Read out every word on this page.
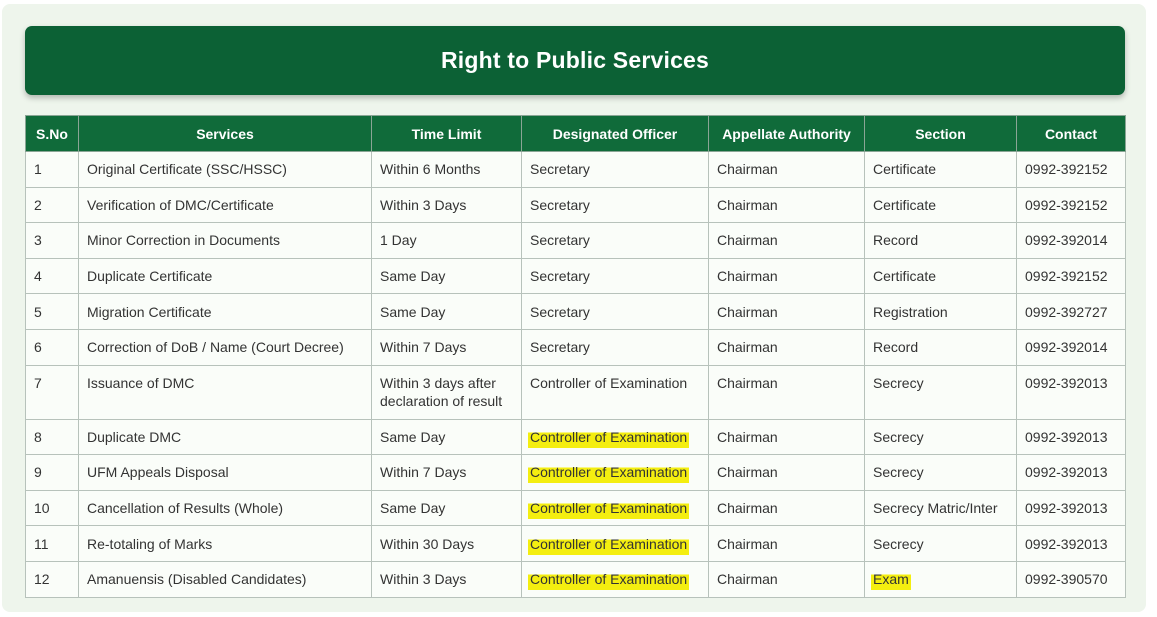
Right to Public Services
S.No	Services	Time Limit	Designated Officer	Appellate Authority	Section	Contact
1	Original Certificate (SSC/HSSC)	Within 6 Months	Secretary	Chairman	Certificate	0992-392152
2	Verification of DMC/Certificate	Within 3 Days	Secretary	Chairman	Certificate	0992-392152
3	Minor Correction in Documents	1 Day	Secretary	Chairman	Record	0992-392014
4	Duplicate Certificate	Same Day	Secretary	Chairman	Certificate	0992-392152
5	Migration Certificate	Same Day	Secretary	Chairman	Registration	0992-392727
6	Correction of DoB / Name (Court Decree)	Within 7 Days	Secretary	Chairman	Record	0992-392014
7	Issuance of DMC	Within 3 days after declaration of result	Controller of Examination	Chairman	Secrecy	0992-392013
8	Duplicate DMC	Same Day	Controller of Examination	Chairman	Secrecy	0992-392013
9	UFM Appeals Disposal	Within 7 Days	Controller of Examination	Chairman	Secrecy	0992-392013
10	Cancellation of Results (Whole)	Same Day	Controller of Examination	Chairman	Secrecy Matric/Inter	0992-392013
11	Re-totaling of Marks	Within 30 Days	Controller of Examination	Chairman	Secrecy	0992-392013
12	Amanuensis (Disabled Candidates)	Within 3 Days	Controller of Examination	Chairman	Exam	0992-390570
